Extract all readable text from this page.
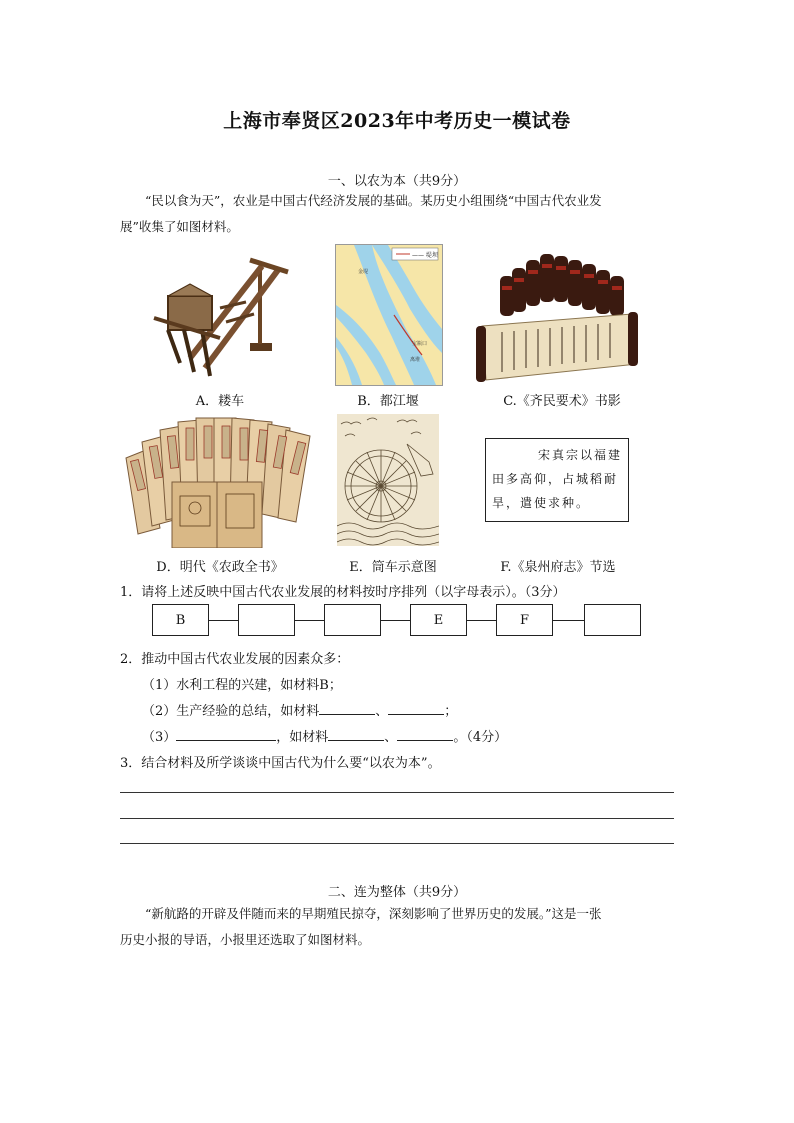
上海市奉贤区2023年中考历史一模试卷
一、以农为本（共9分）
“民以食为天”，农业是中国古代经济发展的基础。某历史小组围绕“中国古代农业发
展”收集了如图材料。
A．耧车
—— 堤坝
金堤
宝瓶口
离堆
B．都江堰	C.《齐民要术》书影
D．明代《农政全书》	E．筒车示意图
宋真宗以福建
田多高仰，占城稻耐
旱，遣使求种。
F.《泉州府志》节选
1．请将上述反映中国古代农业发展的材料按时序排列（以字母表示）。（3分）
B	E	F
2．推动中国古代农业发展的因素众多：
（1）水利工程的兴建，如材料B；
（2）生产经验的总结，如材料	、	；
（3）	，如材料	、	。（4分）
3．结合材料及所学谈谈中国古代为什么要“以农为本”。
二、连为整体（共9分）
“新航路的开辟及伴随而来的早期殖民掠夺，深刻影响了世界历史的发展。”这是一张
历史小报的导语，小报里还选取了如图材料。
